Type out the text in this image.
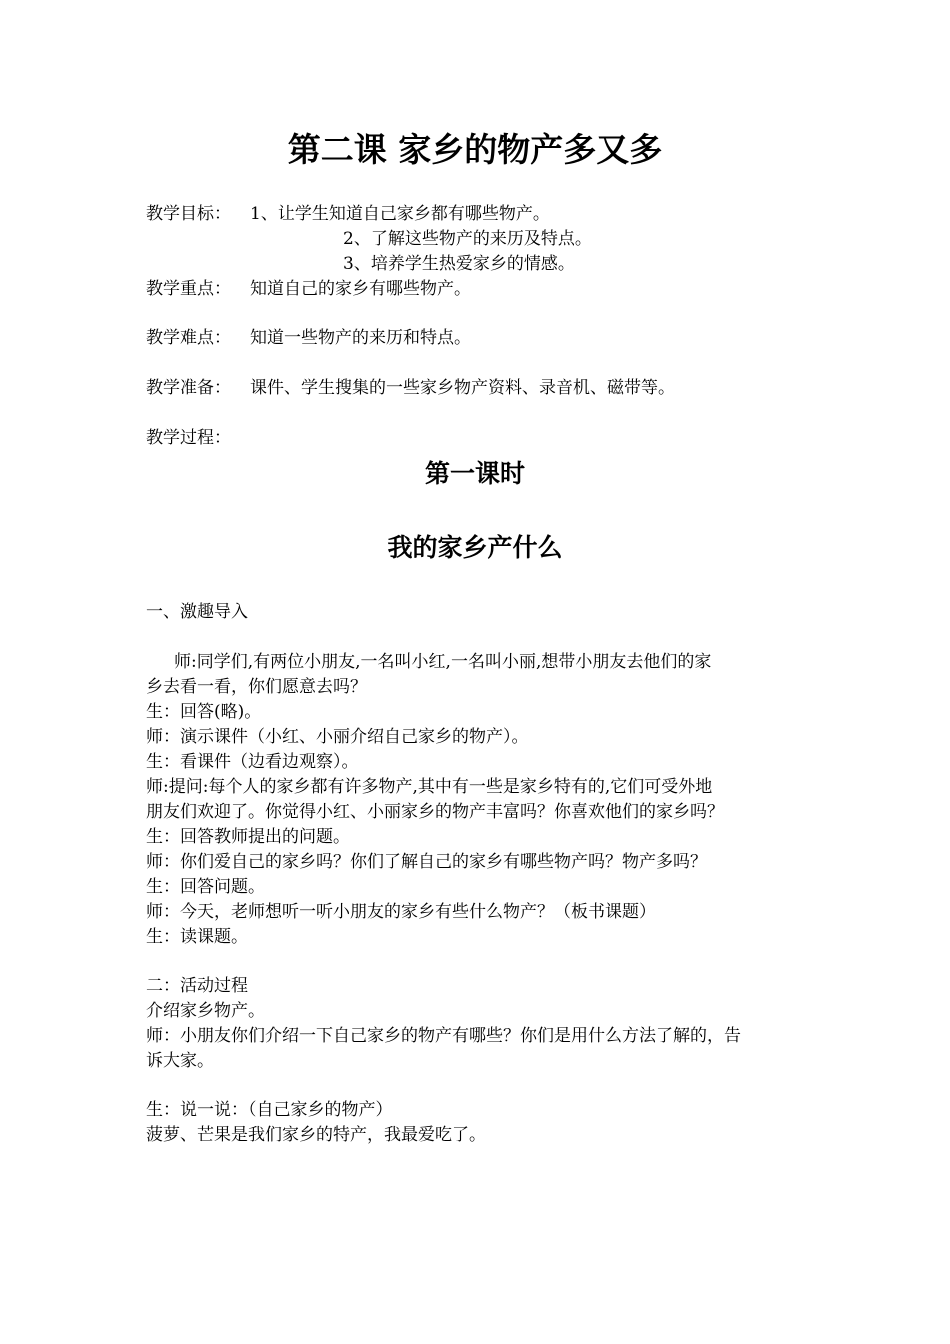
第二课 家乡的物产多又多
教学目标： 1、让学生知道自己家乡都有哪些物产。
2、了解这些物产的来历及特点。
3、培养学生热爱家乡的情感。
教学重点： 知道自己的家乡有哪些物产。
教学难点： 知道一些物产的来历和特点。
教学准备： 课件、学生搜集的一些家乡物产资料、录音机、磁带等。
教学过程：
第一课时
我的家乡产什么
一、激趣导入
师:同学们,有两位小朋友,一名叫小红,一名叫小丽,想带小朋友去他们的家
乡去看一看，你们愿意去吗？
生：回答(略)。
师：演示课件（小红、小丽介绍自己家乡的物产）。
生：看课件（边看边观察）。
师:提问:每个人的家乡都有许多物产,其中有一些是家乡特有的,它们可受外地
朋友们欢迎了。你觉得小红、小丽家乡的物产丰富吗？你喜欢他们的家乡吗？
生：回答教师提出的问题。
师：你们爱自己的家乡吗？你们了解自己的家乡有哪些物产吗？物产多吗？
生：回答问题。
师：今天，老师想听一听小朋友的家乡有些什么物产？（板书课题）
生：读课题。
二：活动过程
介绍家乡物产。
师：小朋友你们介绍一下自己家乡的物产有哪些？你们是用什么方法了解的，告
诉大家。
生：说一说：（自己家乡的物产）
菠萝、芒果是我们家乡的特产，我最爱吃了。
